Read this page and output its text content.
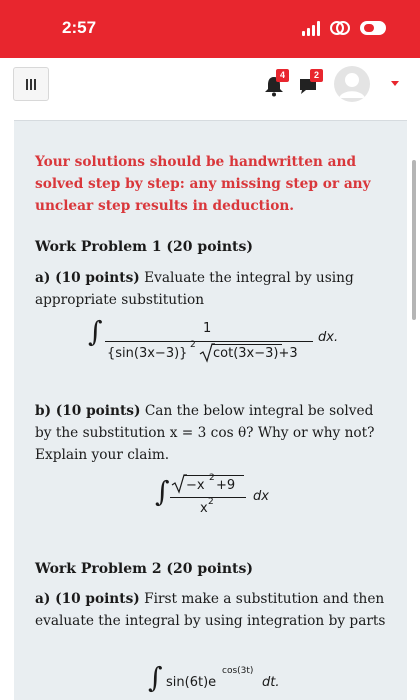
2:57
4	2
Your solutions should be handwritten and solved step by step: any missing step or any unclear step results in deduction.
Work Problem 1 (20 points)
a) (10 points) Evaluate the integral by using appropriate substitution
∫	1
{sin(3x−3)}
2
cot(3x−3)+3
dx.
b) (10 points) Can the below integral be solved by the substitution x = 3 cos θ? Why or why not? Explain your claim.
∫ −x 2 +9
x 2	dx
Work Problem 2 (20 points)
a) (10 points) First make a substitution and then evaluate the integral by using integration by parts
∫ sin(6t)e
cos(3t)
dt.
